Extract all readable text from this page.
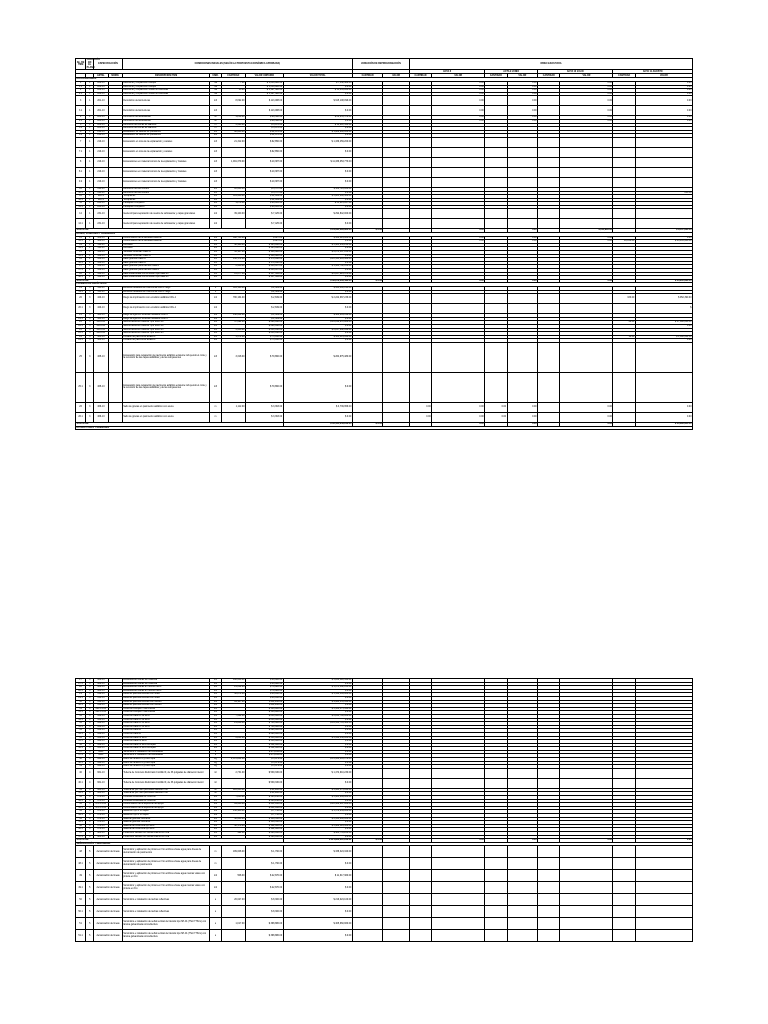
No. DE ITEM	UBICACIÓN EN EL PLANO	ESPECIFICACIÓN		CONDICIONES INICIALES (SEGÚN LA PROPUESTA ECONÓMICA APROBADA)					VARIACIÓN DE REPROGRAMACIÓN		OBRA EJECUTADA							
											ACTA 8		ACTA 9 JUNIO		ACTA 10 JULIO		ACTA 11 AGOSTO	
		ARTÍG.	NORM.	DESCRIPCIÓN ITEM	UNID.	CANTIDAD	VALOR UNITARIO	VALOR TOTAL	CANTIDAD	VALOR	CANTIDAD	VALOR	CANTIDAD	VALOR	CANTIDAD	VALOR	CANTIDAD	VALOR
EXPLANACIONES																		
1	1	200-13		Desmonte y limpieza en bosque	Ha	7.00	$ 1,018,986.00	$ 7,132,902.00				0.00		0.00		0.00		0.00
1.1	1	200-13		Desmonte y limpieza en bosque	Ha		$ 1,018,986.00	$ 0.00				0.00		0.00		0.00		0.00
2	1	200-13		Desmonte y limpieza en zonas no boscosas	Ha	13.00	$ 1,187,328.00	$ 15,435,264.00				0.00		0.00		0.00		0.00
2.1	1	200-13		Desmonte y limpieza en zonas no boscosas	Ha		$ 1,187,328.00	$ 0.00				0.00		0.00		0.00		0.00
3	1	201-13		Demolición de Estructuras	m3	8,092.00	$ 113,088.00	$ 915,108,096.00				0.00		0.00		0.00		0.00
3.1	1	201-13		Demolición de Estructuras	m3		$ 113,088.00	$ 0.00				0.00		0.00		0.00		0.00
4	1	201-13		Demolición de alcantarillas	ml	1,259.00	$ 68,508.00	$ 86,251,572.00				0.00		0.00		0.00		0.00
4.1	1	201-13		Demolición de alcantarillas	ml		$ 68,508.00	$ 0.00				0.00		0.00		0.00		0.00
5	1	201-13		Remoción de cercas de alambre	m	3,320.00	$ 3,076.00	$ 10,212,320.00										
5.1	1	201-13		Remoción de cercas de alambre	m		$ 3,076.00	$ 0.00										
6	1	210-13		Excavación de cauces de préstamos	m3	90,000.00	$ 12,076.00	$ 1,086,840,000.00										
6.1	1	210-13		Excavación de cauces de préstamos	m3		$ 12,076.00	$ 0.00										
7	1	210-13		Excavación en roca de la explanación y canales	m3	21,312.00	$ 62,850.00	$ 1,339,459,200.00										
7.1	1	210-13		Excavación en roca de la explanación y canales	m3		$ 62,850.00	$ 0.00										
8	1	210-13		Excavaciones en material común de la explanación y Canales	m3	1,091,379.00	$ 10,387.00	$ 11,336,053,773.00										
8.1	1	210-13		Excavaciones en material común de la explanación y Canales	m3		$ 10,387.00	$ 0.00										
9.2	1	210-13		Excavaciones en material común de la explanación y Canales	m3		$ 10,387.00	$ 0.00										
10	1	211-13		Remoción de Derrumbes	m3	18,000.00	$ 5,707.00	$ 102,726,000.00										
10.1	1	211-13		Remoción de Derrumbes	m3		$ 5,707.00	$ 0.00										866.00
10	1	220-1		Terraplenes	m3	301,600.00	$ 12,869.00	$ 3,881,290,400.00										
10.1	1	220-1		Terraplenes	m3		$ 12,869.00	$ 0.00										
11	1	221-13		Pedraplén compacto	m3	1,279.00	$ 28,003.00	$ 35,815,837.00										
11.1	1	221-13		Pedraplén compacto	m3		$ 28,003.00	$ 0.00										
12	1	231-13		Geotextil para separación de suelos de subrasante y capas granulares	m2	39,440.00	$ 7,425.00	$ 292,842,000.00										
12.1	1	231-13		Geotextil para separación de suelos de subrasante y capas granulares	m2		$ 7,425.00	$ 0.00										
SUBTOTAL								$ 19,091,293,880.00	$ 0.00			0.00		0.00		9,610,990.00		$ 8,167,680.00
BASES, SUBBASES Y AFIRMADOS																		
13	2	300-13		Conformación de la calzada existente	m2	388,700.00	$ 927.00	$ 360,324,900.00				0.00		0.00		0.00		0.00
13.1	2	300-13		Conformación de la calzada existente	m2		$ 927.00	$ 0.00				0.00		0.00		0.00	20,160.00	$ 26,935,680.00
14	2	311-13		Afirmado	m3	42,928.00	$ 125,830.00	$ 5,401,630,240.00										
14.1	2	311-13		Afirmado	m3		$ 125,830.00	$ 0.00										
15	2	320-13		Subbase Granular Clase B	m3	43,187.00	$ 140,680.00	$ 6,075,547,160.00										
15.1	2	320-13		Subbase Granular Clase B	m3		$ 140,680.00	$ 0.00										
16	2	330-13		Base granular clase A	m3	130,174.00	$ 170,090.00	$ 22,141,295,660.00										
16.1	2	330-13		Base granular clase A	m3		$ 170,090.00	$ 0.00										
17	2	330-13		Base granular para bacheo clase A	m3	6,300.00	$ 216,467.00	$ 1,363,742,100.00										
17.1	2	330-13		Base granular para bacheo clase A	m3		$ 216,467.00	$ 0.00										
18	2	340-13		Base estabilizada con emulsión tipo BEE-06	m3	13,077.00	$ 157,362.00	$ 2,057,823,474.00										
18.1	2	340-13		Base estabilizada con emulsión tipo BEE-06	m3		$ 157,362.00	$ 0.00										
SUBTOTAL								$ 38,878,363,490.00	$ 0.00			0.00		0.00		0.00		$ 26,935,680.00
PAVIMENTOS ASFÁLTICOS																		
19	3	411-13		Emulsión asfáltica de rotura lenta CRL-1 riego	L	391,126.00	$ 2,389.00	$ 934,400,014.00										
19.1	3	411-13		Emulsión asfáltica de rotura lenta CRL-1 riego	L		$ 2,389.00	$ 0.00										
20	3	420-13		Riego de imprimación con emulsión asfáltica CRL-1	m2	780,164.00	$ 2,849.00	$ 2,222,687,236.00									333.00	$ 952,390.00
20.1	3	420-13		Riego de imprimación con emulsión asfáltica CRL-1	m2		$ 2,849.00	$ 0.00										$
21	3	421-13		Riego de liga con emulsión asfáltica CRR-1	m2	138,002.00	$ 1,309.00	$ 180,644,618.00										
21.1	3	421-13		Riego de liga con emulsión asfáltica CRR-1	m2		$ 1,309.00	$ 0.00										
22	3	450-13P		Mezcla densa en caliente Tipo MDC-19	m3	37,692.00	$ 690,090.00	$ 26,010,872,280.00									22.00	$ 17,600,060.00
22.1	3	450-13P		Mezcla densa en caliente Tipo MDC-19	m3		$ 690,090.00	$ 0.00										0.00
23	3	450-13P		Mezcla densa en caliente Tipo MDC-25	m3	3,456.00	$ 650,458.00	$ 2,247,982,848.00										
23.1	3	450-13P		Mezcla densa en caliente Tipo MDC-25	m3		$ 650,458.00	$ 0.00										
24	3	461-13		Fresado de pavimento asfáltico	m3	1,374.00	$ 73,810.00	$ 101,414,940.00									10.00	$ 1,602,664.00
24.1	3	461-13		Fresado de pavimento asfáltico	m3		$ 73,810.00	$ 0.00										0.00
25	3	465-13		Excavación para reparación de pavimento asfáltico existente incluyendo el corte y la remoción de las capas asfálticas y de las subyacentes	m3	3,318.00	$ 79,860.00	$ 264,975,480.00										
25.1	3	465-13		Excavación para reparación de pavimento asfáltico existente incluyendo el corte y la remoción de las capas asfálticas y de las subyacentes	m3		$ 79,860.00	$ 0.00										
26	3	466-13		Sello de grietas en pavimento asfáltico con arena	m	1,112.00	$ 3,363.00	$ 3,739,656.00			0.00	0.00	0.00	0.00		0.00		0.00
26.1	3	466-13		Sello de grietas en pavimento asfáltico con arena	m		$ 3,363.00	$ 0.00			0.00	0.00	0.00	0.00		0.00		0.00
SUBTOTAL								$ 40,135,256,240.00	$ 0.00			0.00		0.00		0.00		$ 20,883,944.00
ESTRUCTURAS Y DRENAJES																		
27	4	600-13		Excavaciones varias sin clasificar	m3	160,009.00	$ 36,480.00	$ 5,836,128,320.00										
27.1	4	600-13		Excavaciones varias sin clasificar	m3		$ 36,480.00	$ 0.00										
28	4	600-13		Excavaciones varias en roca en seco	m3	21,012.00	$ 79,820.00	$ 1,675,192,164.00										
28.1	4	600-13		Excavaciones varias en roca en seco	m3		$ 79,820.00	$ 0.00										
29	4	610-13		Rellenos para estructuras con suelo	m3	32,874.00	$ 46,850.00	$ 1,540,146,900.00										
29.1	4	610-13		Rellenos para estructuras con suelo	m3		$ 46,850.00	$ 0.00										
30	4	610-13		Rellenos para estructuras con recebo	m3	89,187.00	$ 111,260.00	$ 9,923,151,620.00										
30.1	4	610-13		Rellenos para estructuras con recebo	m3		$ 111,260.00	$ 0.00										
31	4	661-1.13P		Concreto ciclópeo / estructuras	m3		$ 536,900.00	$ 3,436,171,440.00										
31.1	4	661-1.13P		Concreto ciclópeo / estructuras	m3		$ 536,900.00	$ 0.00										
32	4	630-13		Concreto clase D 28 MPA	m3	7,322.00	$ 850,000.00	$ 6,223,700,000.00										
32.1	4	630-13		Concreto clase D 28 MPA	m3		$ 850,000.00	$ 0.00										
33	4	630-13		Concreto clase D 21 MPA	m3	21,809.00	$ 740,600.00	$ 16,151,745,400.00										
33.1	4	630-13		Concreto clase D 21 MPA	m3		$ 740,600.00	$ 0.00										
34	4	630-13		Concreto clase E	m3		$ 690,000.00	$ 0.00										
34.1	4	630-13		Concreto clase E	m3		$ 690,000.00	$ 0.00										
35	4	630-13		Concreto clase G MPA	m3	6,201.00	$ 550,000.00	$ 3,410,550,000.00										
35.1	4	630-13		Concreto clase G MPA	m3		$ 550,000.00	$ 0.00										
36	4	630-13		Concreto clase G MPA Ciclópeo	m3		$ 532,000.00	$ 0.00										
36.1	4	630-13		Concreto clase G MPA Ciclópeo	m3		$ 532,000.00	$ 0.00										
37	4	640P		Suministro e instalación de tubos/aleta	u		$ 675,112.00	$ 0.00										
37.1	4	640P		Suministro e instalación de tubos/aleta	u		$ 675,112.00	$ 0.00										
38	4	640-13		Acero de refuerzo Fy=420 Mpa	Kg	2,372,802.00	$ 5,879.00	$ 13,950,303,078.00										
38.1	4	640-13		Acero de refuerzo Fy=420 Mpa	Kg		$ 5,879.00	$ 0.00										
39	4	640-13		Acero de refuerzo Fy=420 Mpa	Kg		$ 5,879.00	$ 0.00										
40	4	661-13		Tubería de Concreto Reforzado CLASE III, de 36 pulgadas de diámetro interior	ml	2,731.00	$ 539,330.00	$ 1,472,910,230.00										
40.1	4	661-13		Tubería de Concreto Reforzado CLASE III, de 36 pulgadas de diámetro interior	ml		$ 539,330.00	$ 0.00										
41	4	661-13		Tubería de pvc filtro perforado diámetro 4 lb	ml	126,003.00	$ 31,280.00	$ 3,941,373,840.00										
41.1	4	661-13		Tubería de pvc filtro perforado diámetro 4 lb	ml		$ 31,280.00	$ 0.00										
42	4	671-13		Cunetas revestidas en concreto	m3	7,035.00	$ 563,140.00	$ 3,961,689,900.00										
42.1	4	671-13		Cunetas revestidas en concreto	m3		$ 563,140.00	$ 0.00										
43	4	671-1.13P		Conformación de la superficie de apoyo	m2	89,080.00	$ 251,036.00	$ 22,362,287,200.00										
43.1	4	671-1.13P		Conformación de la superficie de apoyo	m2		$ 251,036.00	$ 0.00										
44	4	673-13		Geotextil Tipo II no tejido	m2	152,900.00	$ 7,710.00	$ 1,178,859,000.00										
44.1	4	673-13		Geotextil Tipo II no tejido	m2		$ 7,710.00	$ 0.00										
45	4	673-13		Material granular drenante	m3	40,000.00	$ 158,350.00	$ 6,334,000,000.00										
45.1	4	673-13		Material granular drenante	m3		$ 158,350.00	$ 0.00										
46	4	673-13		Material de cobertura tipo filtro	m3	38,179.00	$ 102,400.00	$ 3,909,529,600.00										
46.1	4	673-13		Material de cobertura tipo filtro	m3		$ 102,400.00	$ 0.00										
47	4	681-13		Protección flexible con recubrimiento en roca	m3	992.00	$ 386,850.00	$ 383,755,200.00										
47.1	4	681-13		Protección flexible con recubrimiento en roca	m3		$ 386,850.00	$ 0.00										
SUBTOTAL								$ 121,863,212,916.00	$ 0.00			0.00		0.00		0.00		0.00
SEÑALIZACIÓN Y SEGURIDAD																		
48	5	demarcación de lineas		Suministro y aplicación de pintura en frío acrílica a base agua para líneas de demarcación de pavimentos	m	189,008.00	$ 1,790.00	$ 338,324,320.00										
48.1	5	demarcación de lineas		Suministro y aplicación de pintura en frío acrílica a base agua para líneas de demarcación de pavimentos	m		$ 1,790.00	$ 0.00										
49	5	demarcación de lineas		Suministro y aplicación de pintura en frío acrílica a base agua marcas viales con pintura en frío	m2	508.00	$ 22,870.00	$ 11,617,960.00										
49.1	5	demarcación de lineas		Suministro y aplicación de pintura en frío acrílica a base agua marcas viales con pintura en frío	m2		$ 22,870.00	$ 0.00										
50	5	demarcación de lineas		Suministro e instalación de tachas reflectivas	u	26,027.00	$ 8,300.00	$ 216,024,100.00										
50.1	5	demarcación de lineas		Suministro e instalación de tachas reflectivas	u		$ 8,300.00	$ 0.00										
51	5	demarcación de lineas		Suministro e instalación de señal vertical de tránsito tipo SP-01 (75cm*75cm) con lámina galvanizada retroreflectiva	u	1,017.00	$ 398,880.00	$ 405,660,960.00										
51.1	5	demarcación de lineas		Suministro e instalación de señal vertical de tránsito tipo SP-01 (75cm*75cm) con lámina galvanizada retroreflectiva	u		$ 398,880.00	$ 0.00										
